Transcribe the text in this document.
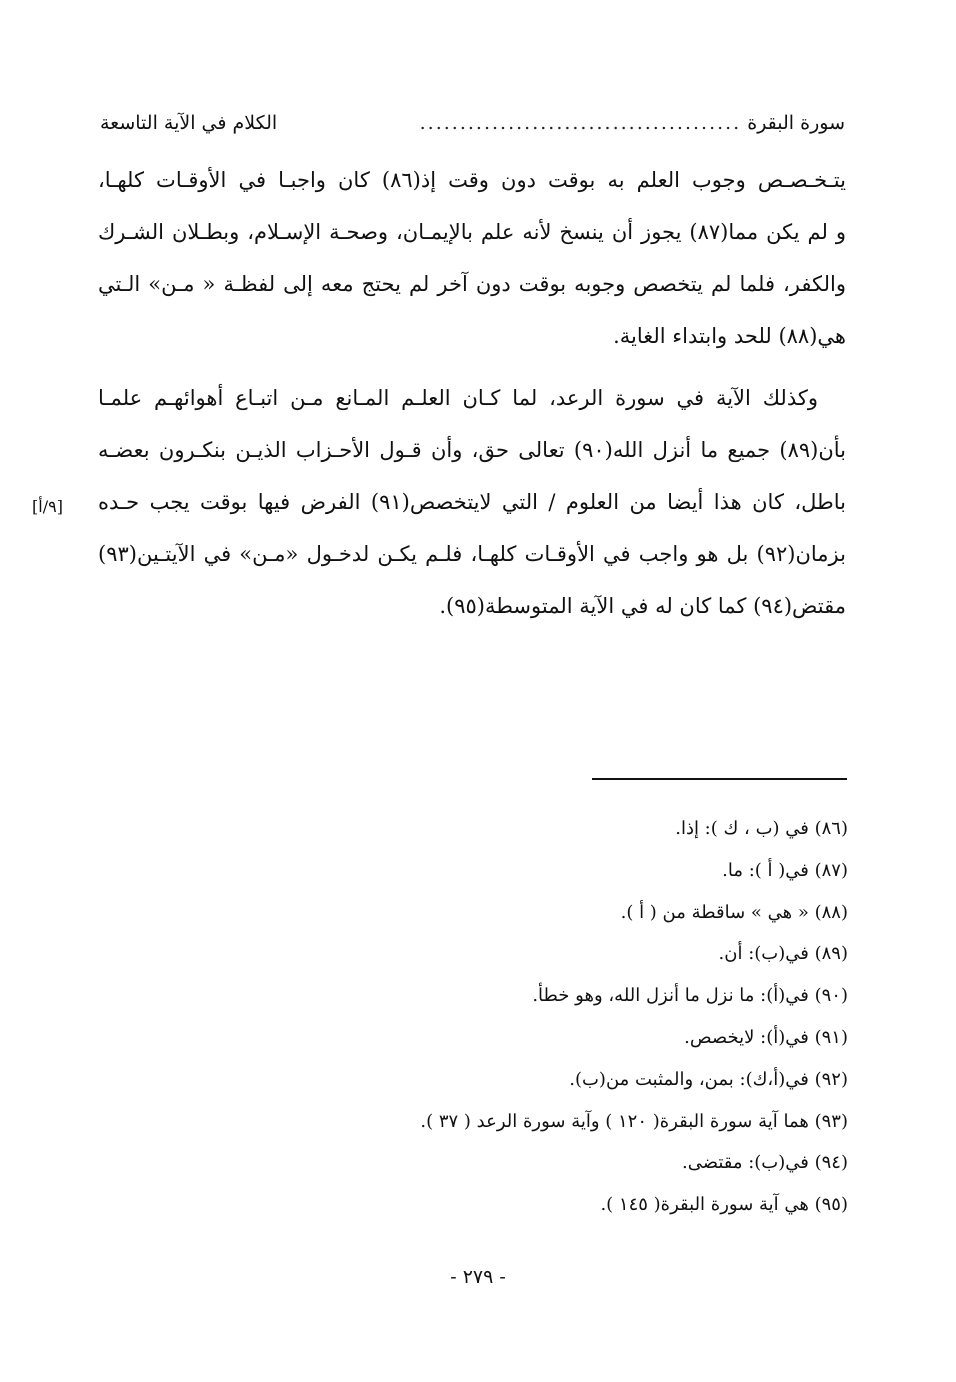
سورة البقرة
........................................
الكلام في الآية التاسعة
يتـخـصـص وجوب العلم به بوقت دون وقت إذ(٨٦) كان واجبـا في الأوقـات كلهـا،
و لم يكن مما(٨٧) يجوز أن ينسخ لأنه علم بالإيمـان، وصحـة الإسـلام، وبطـلان الشـرك
والكفر، فلما لم يتخصص وجوبه بوقت دون آخر لم يحتج معه إلى لفظـة « مـن» الـتي
هي(٨٨) للحد وابتداء الغاية.
وكذلك الآية في سورة الرعد، لما كـان العلـم المـانع مـن اتبـاع أهوائهـم علمـا
بأن(٨٩) جميع ما أنزل الله(٩٠) تعالى حق، وأن قـول الأحـزاب الذيـن بنكـرون بعضـه
باطل، كان هذا أيضا من العلوم / التي لايتخصص(٩١) الفرض فيها بوقت يجب حـده
بزمان(٩٢) بل هو واجب في الأوقـات كلهـا، فلـم يكـن لدخـول «مـن» في الآيتـين(٩٣)
مقتض(٩٤) كما كان له في الآية المتوسطة(٩٥).
[٩/أ]
(٨٦) في (ب ، ك ): إذا.
(٨٧) في( أ ): ما.
(٨٨) « هي » ساقطة من ( أ ).
(٨٩) في(ب): أن.
(٩٠) في(أ): ما نزل ما أنزل الله، وهو خطأ.
(٩١) في(أ): لايخصص.
(٩٢) في(أ،ك): بمن، والمثبت من(ب).
(٩٣) هما آية سورة البقرة( ١٢٠ ) وآية سورة الرعد ( ٣٧ ).
(٩٤) في(ب): مقتضى.
(٩٥) هي آية سورة البقرة( ١٤٥ ).
- ٢٧٩ -
